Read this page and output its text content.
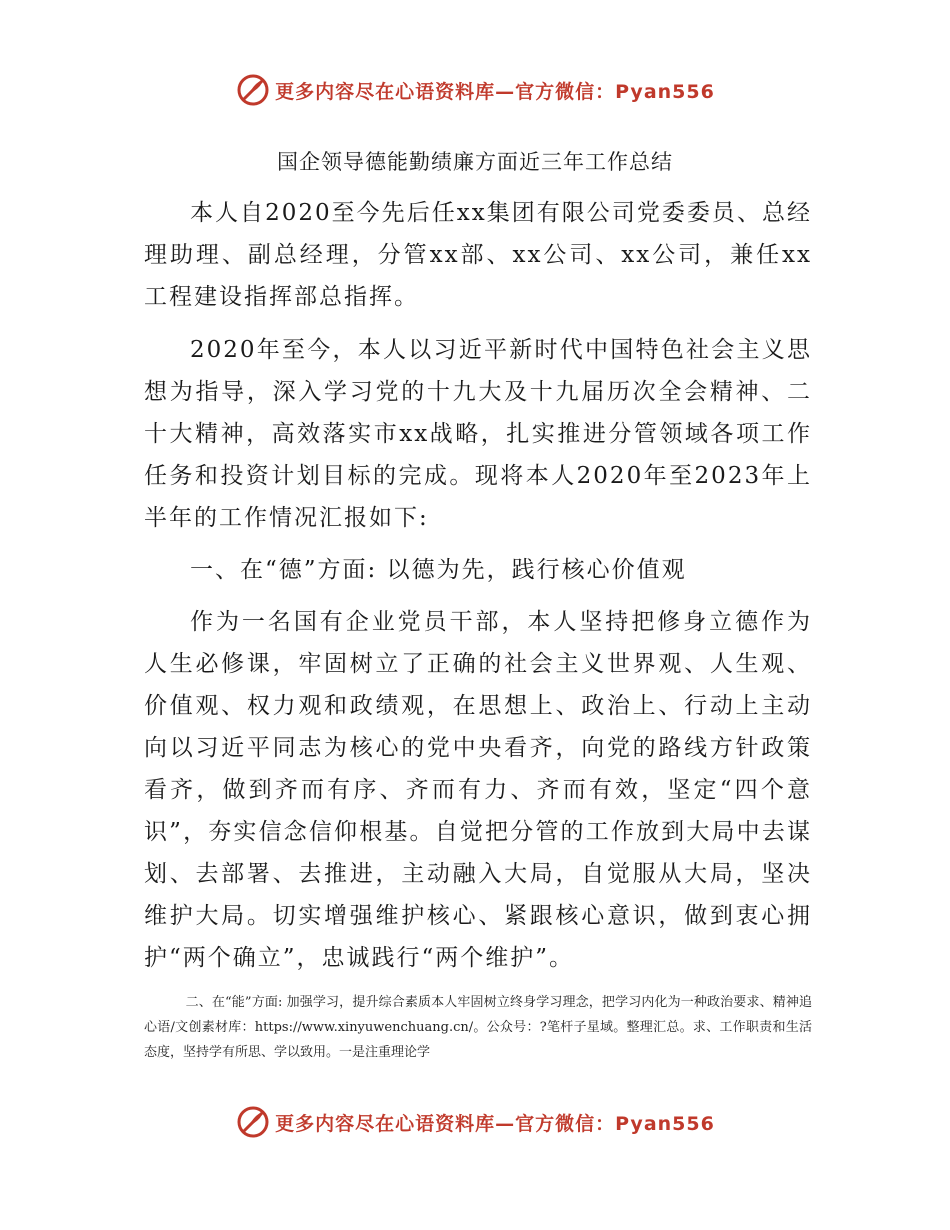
更多内容尽在心语资料库—官方微信：Pyan556
国企领导德能勤绩廉方面近三年工作总结

本人自2020至今先后任xx集团有限公司党委委员、总经理助理、副总经理，分管xx部、xx公司、xx公司，兼任xx工程建设指挥部总指挥。

2020年至今，本人以习近平新时代中国特色社会主义思想为指导，深入学习党的十九大及十九届历次全会精神、二十大精神，高效落实市xx战略，扎实推进分管领域各项工作任务和投资计划目标的完成。现将本人2020年至2023年上半年的工作情况汇报如下:

一、在“德”方面: 以德为先，践行核心价值观

作为一名国有企业党员干部，本人坚持把修身立德作为人生必修课，牢固树立了正确的社会主义世界观、人生观、价值观、权力观和政绩观，在思想上、政治上、行动上主动向以习近平同志为核心的党中央看齐，向党的路线方针政策看齐，做到齐而有序、齐而有力、齐而有效，坚定“四个意识”，夯实信念信仰根基。自觉把分管的工作放到大局中去谋划、去部署、去推进，主动融入大局，自觉服从大局，坚决维护大局。切实增强维护核心、紧跟核心意识，做到衷心拥护“两个确立”，忠诚践行“两个维护”。

二、在“能”方面: 加强学习，提升综合素质本人牢固树立终身学习理念，把学习内化为一种政治要求、精神追心语/文创素材库：https://www.xinyuwenchuang.cn/。公众号：?笔杆子星域。整理汇总。求、工作职责和生活态度，坚持学有所思、学以致用。一是注重理论学

更多内容尽在心语资料库—官方微信：Pyan556
